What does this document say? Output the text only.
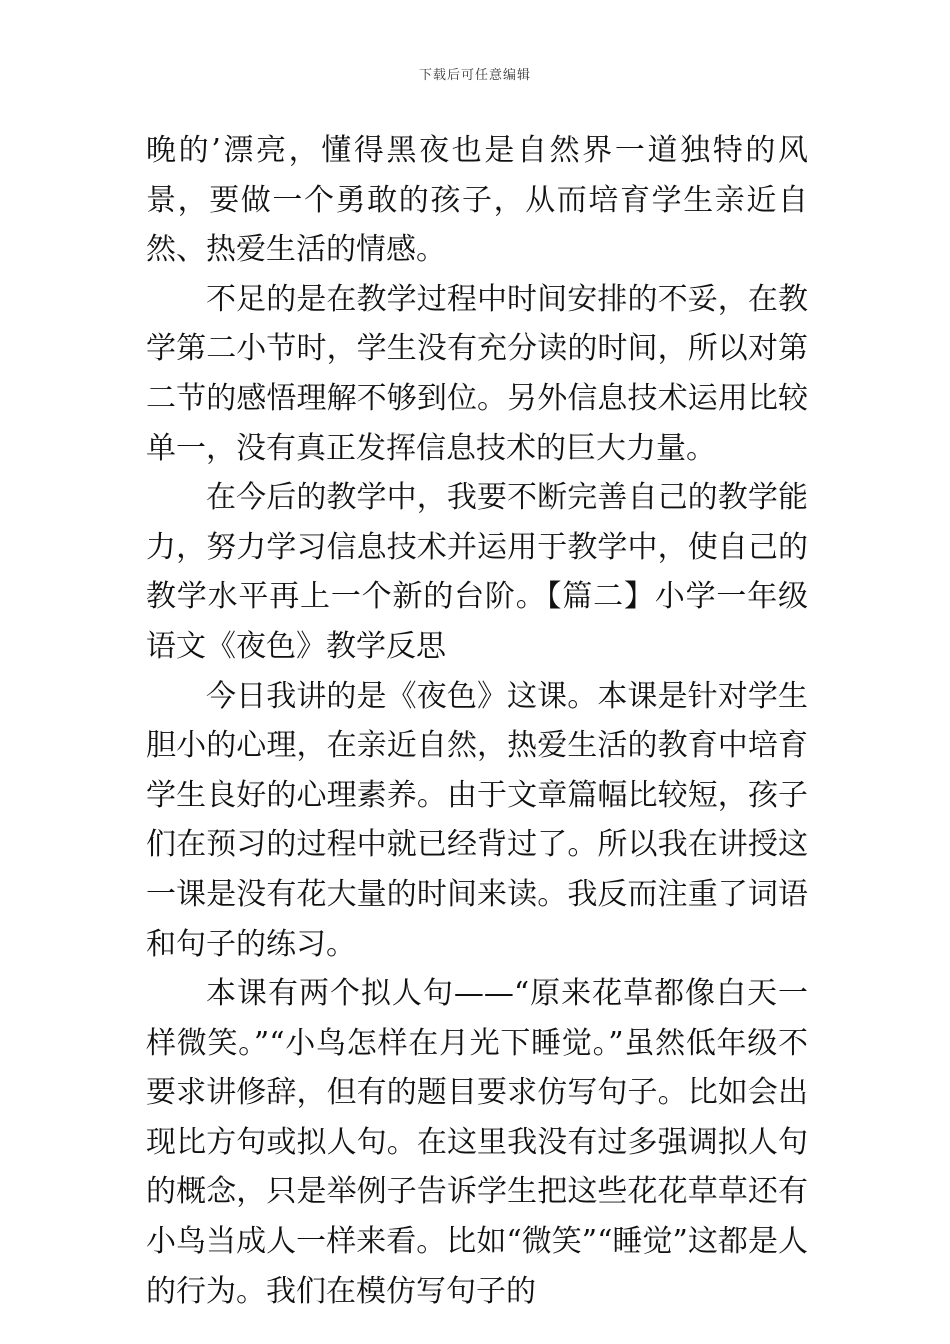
下载后可任意编辑

晚的’漂亮，懂得黑夜也是自然界一道独特的风景，要做一个勇敢的孩子，从而培育学生亲近自然、热爱生活的情感。

不足的是在教学过程中时间安排的不妥，在教学第二小节时，学生没有充分读的时间，所以对第二节的感悟理解不够到位。另外信息技术运用比较单一，没有真正发挥信息技术的巨大力量。

在今后的教学中，我要不断完善自己的教学能力，努力学习信息技术并运用于教学中，使自己的教学水平再上一个新的台阶。【篇二】小学一年级语文《夜色》教学反思

今日我讲的是《夜色》这课。本课是针对学生胆小的心理，在亲近自然，热爱生活的教育中培育学生良好的心理素养。由于文章篇幅比较短，孩子们在预习的过程中就已经背过了。所以我在讲授这一课是没有花大量的时间来读。我反而注重了词语和句子的练习。

本课有两个拟人句——“原来花草都像白天一样微笑。”“小鸟怎样在月光下睡觉。”虽然低年级不要求讲修辞，但有的题目要求仿写句子。比如会出现比方句或拟人句。在这里我没有过多强调拟人句的概念，只是举例子告诉学生把这些花花草草还有小鸟当成人一样来看。比如“微笑”“睡觉”这都是人的行为。我们在模仿写句子的
